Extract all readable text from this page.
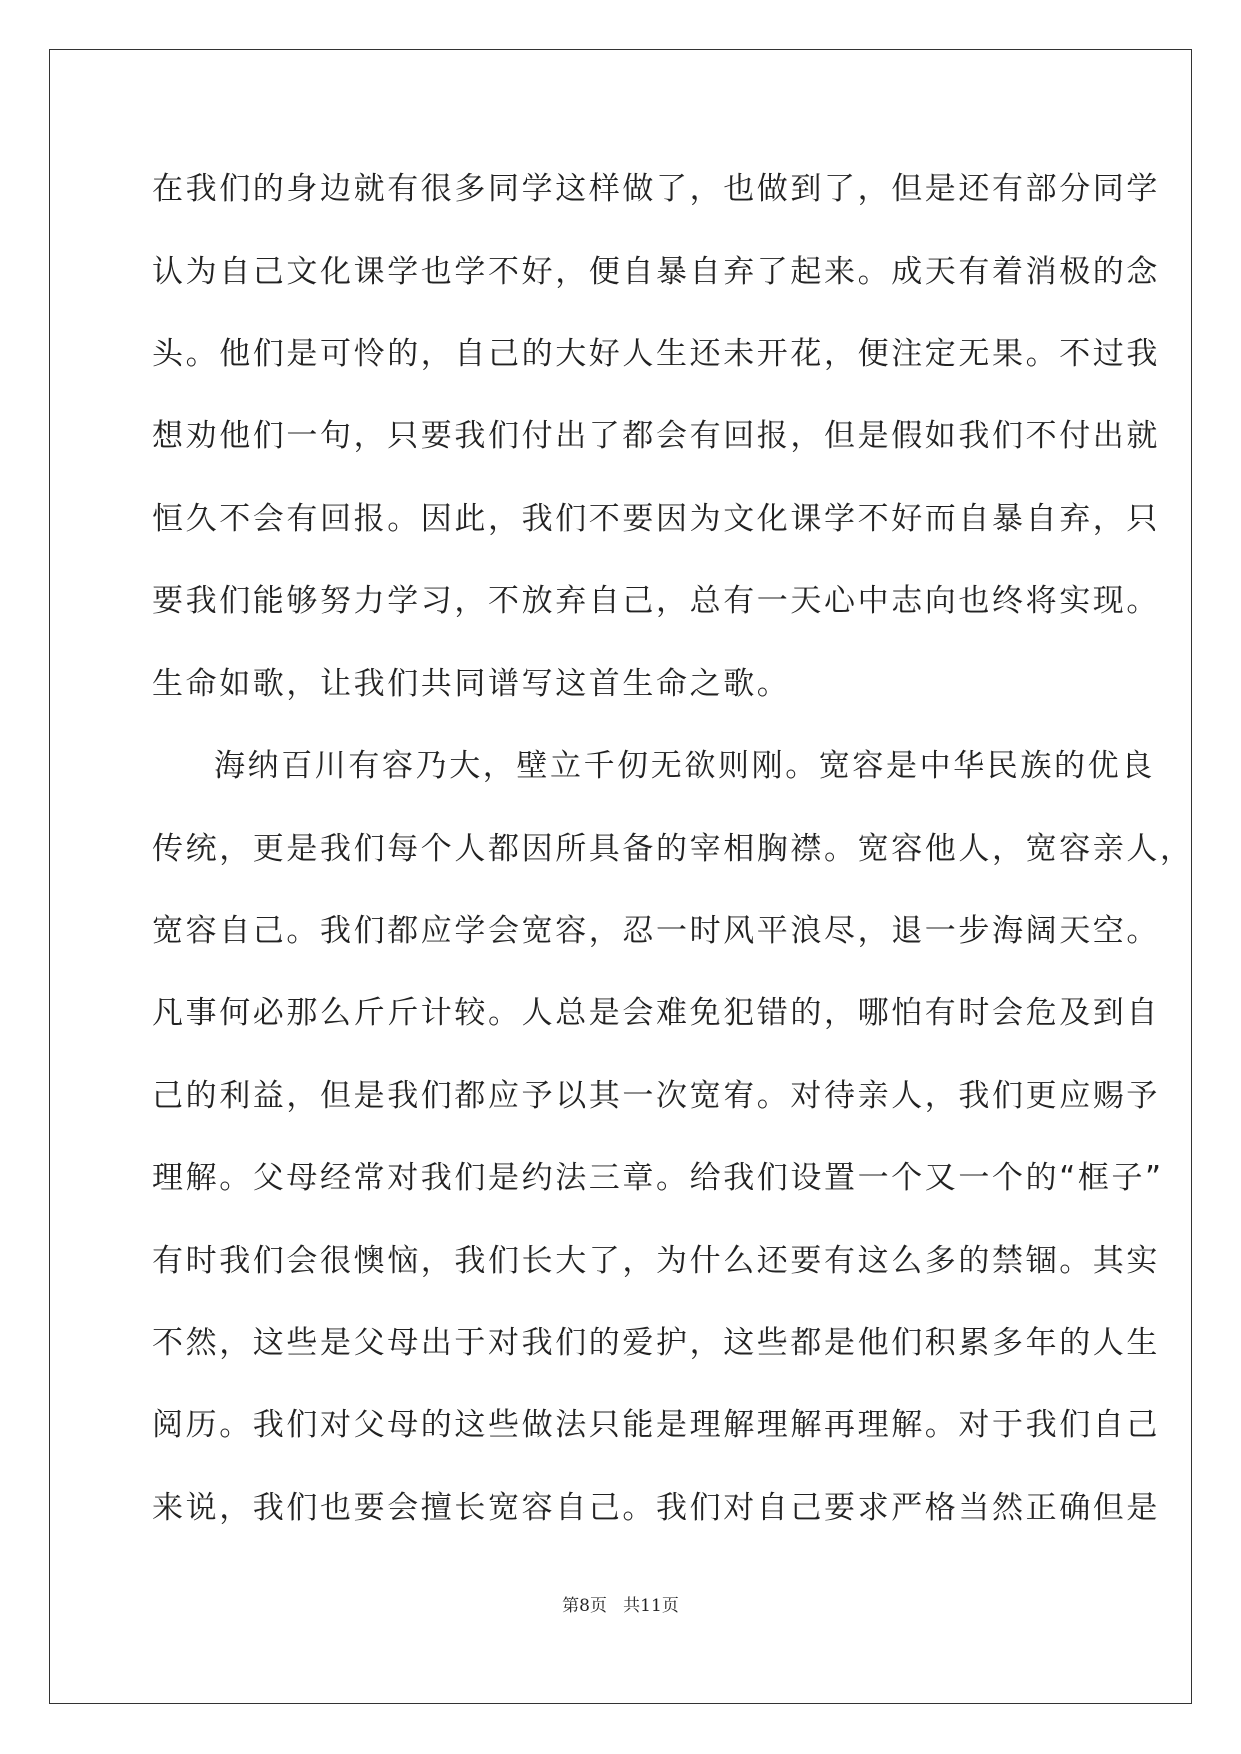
在我们的身边就有很多同学这样做了，也做到了，但是还有部分同学
认为自己文化课学也学不好，便自暴自弃了起来。成天有着消极的念
头。他们是可怜的，自己的大好人生还未开花，便注定无果。不过我
想劝他们一句，只要我们付出了都会有回报，但是假如我们不付出就
恒久不会有回报。因此，我们不要因为文化课学不好而自暴自弃，只
要我们能够努力学习，不放弃自己，总有一天心中志向也终将实现。
生命如歌，让我们共同谱写这首生命之歌。
海纳百川有容乃大，壁立千仞无欲则刚。宽容是中华民族的优良
传统，更是我们每个人都因所具备的宰相胸襟。宽容他人，宽容亲人，
宽容自己。我们都应学会宽容，忍一时风平浪尽，退一步海阔天空。
凡事何必那么斤斤计较。人总是会难免犯错的，哪怕有时会危及到自
己的利益，但是我们都应予以其一次宽宥。对待亲人，我们更应赐予
理解。父母经常对我们是约法三章。给我们设置一个又一个的“框子”
有时我们会很懊恼，我们长大了，为什么还要有这么多的禁锢。其实
不然，这些是父母出于对我们的爱护，这些都是他们积累多年的人生
阅历。我们对父母的这些做法只能是理解理解再理解。对于我们自己
来说，我们也要会擅长宽容自己。我们对自己要求严格当然正确但是
第8页   共11页
